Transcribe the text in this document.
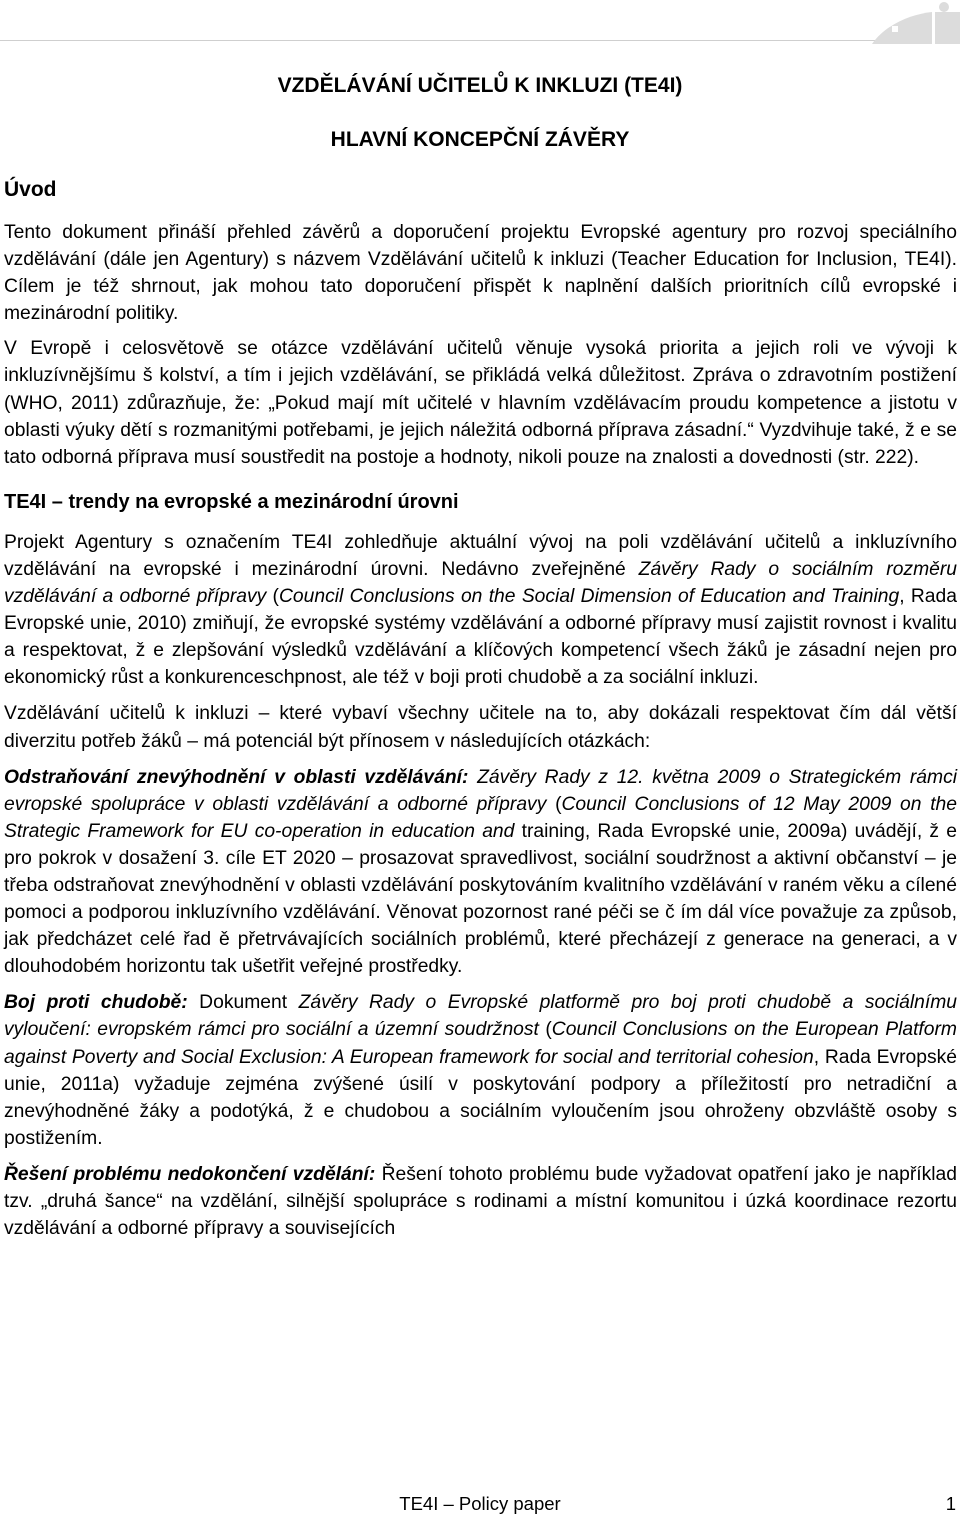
VZDĚLÁVÁNÍ UČITELŮ K INKLUZI (TE4I)
HLAVNÍ KONCEPČNÍ ZÁVĚRY
Úvod

Tento dokument přináší přehled závěrů a doporučení projektu Evropské agentury pro rozvoj speciálního vzdělávání (dále jen Agentury) s názvem Vzdělávání učitelů k inkluzi (Teacher Education for Inclusion, TE4I). Cílem je též shrnout, jak mohou tato doporučení přispět k naplnění dalších prioritních cílů evropské i mezinárodní politiky.

V Evropě i celosvětově se otázce vzdělávání učitelů věnuje vysoká priorita a jejich roli ve vývoji k inkluzívnějšímu š kolství, a tím i jejich vzdělávání, se přikládá velká důležitost. Zpráva o zdravotním postižení (WHO, 2011) zdůrazňuje, že: „Pokud mají mít učitelé v hlavním vzdělávacím proudu kompetence a jistotu v oblasti výuky dětí s rozmanitými potřebami, je jejich náležitá odborná příprava zásadní.“ Vyzdvihuje také, ž e se tato odborná příprava musí soustředit na postoje a hodnoty, nikoli pouze na znalosti a dovednosti (str. 222).

TE4I – trendy na evropské a mezinárodní úrovni

Projekt Agentury s označením TE4I zohledňuje aktuální vývoj na poli vzdělávání učitelů a inkluzívního vzdělávání na evropské i mezinárodní úrovni. Nedávno zveřejněné Závěry Rady o sociálním rozměru vzdělávání a odborné přípravy (Council Conclusions on the Social Dimension of Education and Training, Rada Evropské unie, 2010) zmiňují, že evropské systémy vzdělávání a odborné přípravy musí zajistit rovnost i kvalitu a respektovat, ž e zlepšování výsledků vzdělávání a klíčových kompetencí všech žáků je zásadní nejen pro ekonomický růst a konkurenceschpnost, ale též v boji proti chudobě a za sociální inkluzi.

Vzdělávání učitelů k inkluzi – které vybaví všechny učitele na to, aby dokázali respektovat čím dál větší diverzitu potřeb žáků – má potenciál být přínosem v následujících otázkách:

Odstraňování znevýhodnění v oblasti vzdělávání: Závěry Rady z 12. května 2009 o Strategickém rámci evropské spolupráce v oblasti vzdělávání a odborné přípravy (Council Conclusions of 12 May 2009 on the Strategic Framework for EU co-operation in education and training, Rada Evropské unie, 2009a) uvádějí, ž e pro pokrok v dosažení 3. cíle ET 2020 – prosazovat spravedlivost, sociální soudržnost a aktivní občanství – je třeba odstraňovat znevýhodnění v oblasti vzdělávání poskytováním kvalitního vzdělávání v raném věku a cílené pomoci a podporou inkluzívního vzdělávání. Věnovat pozornost rané péči se č ím dál více považuje za způsob, jak předcházet celé řad ě přetrvávajících sociálních problémů, které přecházejí z generace na generaci, a v dlouhodobém horizontu tak ušetřit veřejné prostředky.

Boj proti chudobě: Dokument Závěry Rady o Evropské platformě pro boj proti chudobě a sociálnímu vyloučení: evropském rámci pro sociální a územní soudržnost (Council Conclusions on the European Platform against Poverty and Social Exclusion: A European framework for social and territorial cohesion, Rada Evropské unie, 2011a) vyžaduje zejména zvýšené úsilí v poskytování podpory a příležitostí pro netradiční a znevýhodněné žáky a podotýká, ž e chudobou a sociálním vyloučením jsou ohroženy obzvláště osoby s postižením.

Řešení problému nedokončení vzdělání: Řešení tohoto problému bude vyžadovat opatření jako je například tzv. „druhá šance“ na vzdělání, silnější spolupráce s rodinami a místní komunitou i úzká koordinace rezortu vzdělávání a odborné přípravy a souvisejících

TE4I – Policy paper	1
